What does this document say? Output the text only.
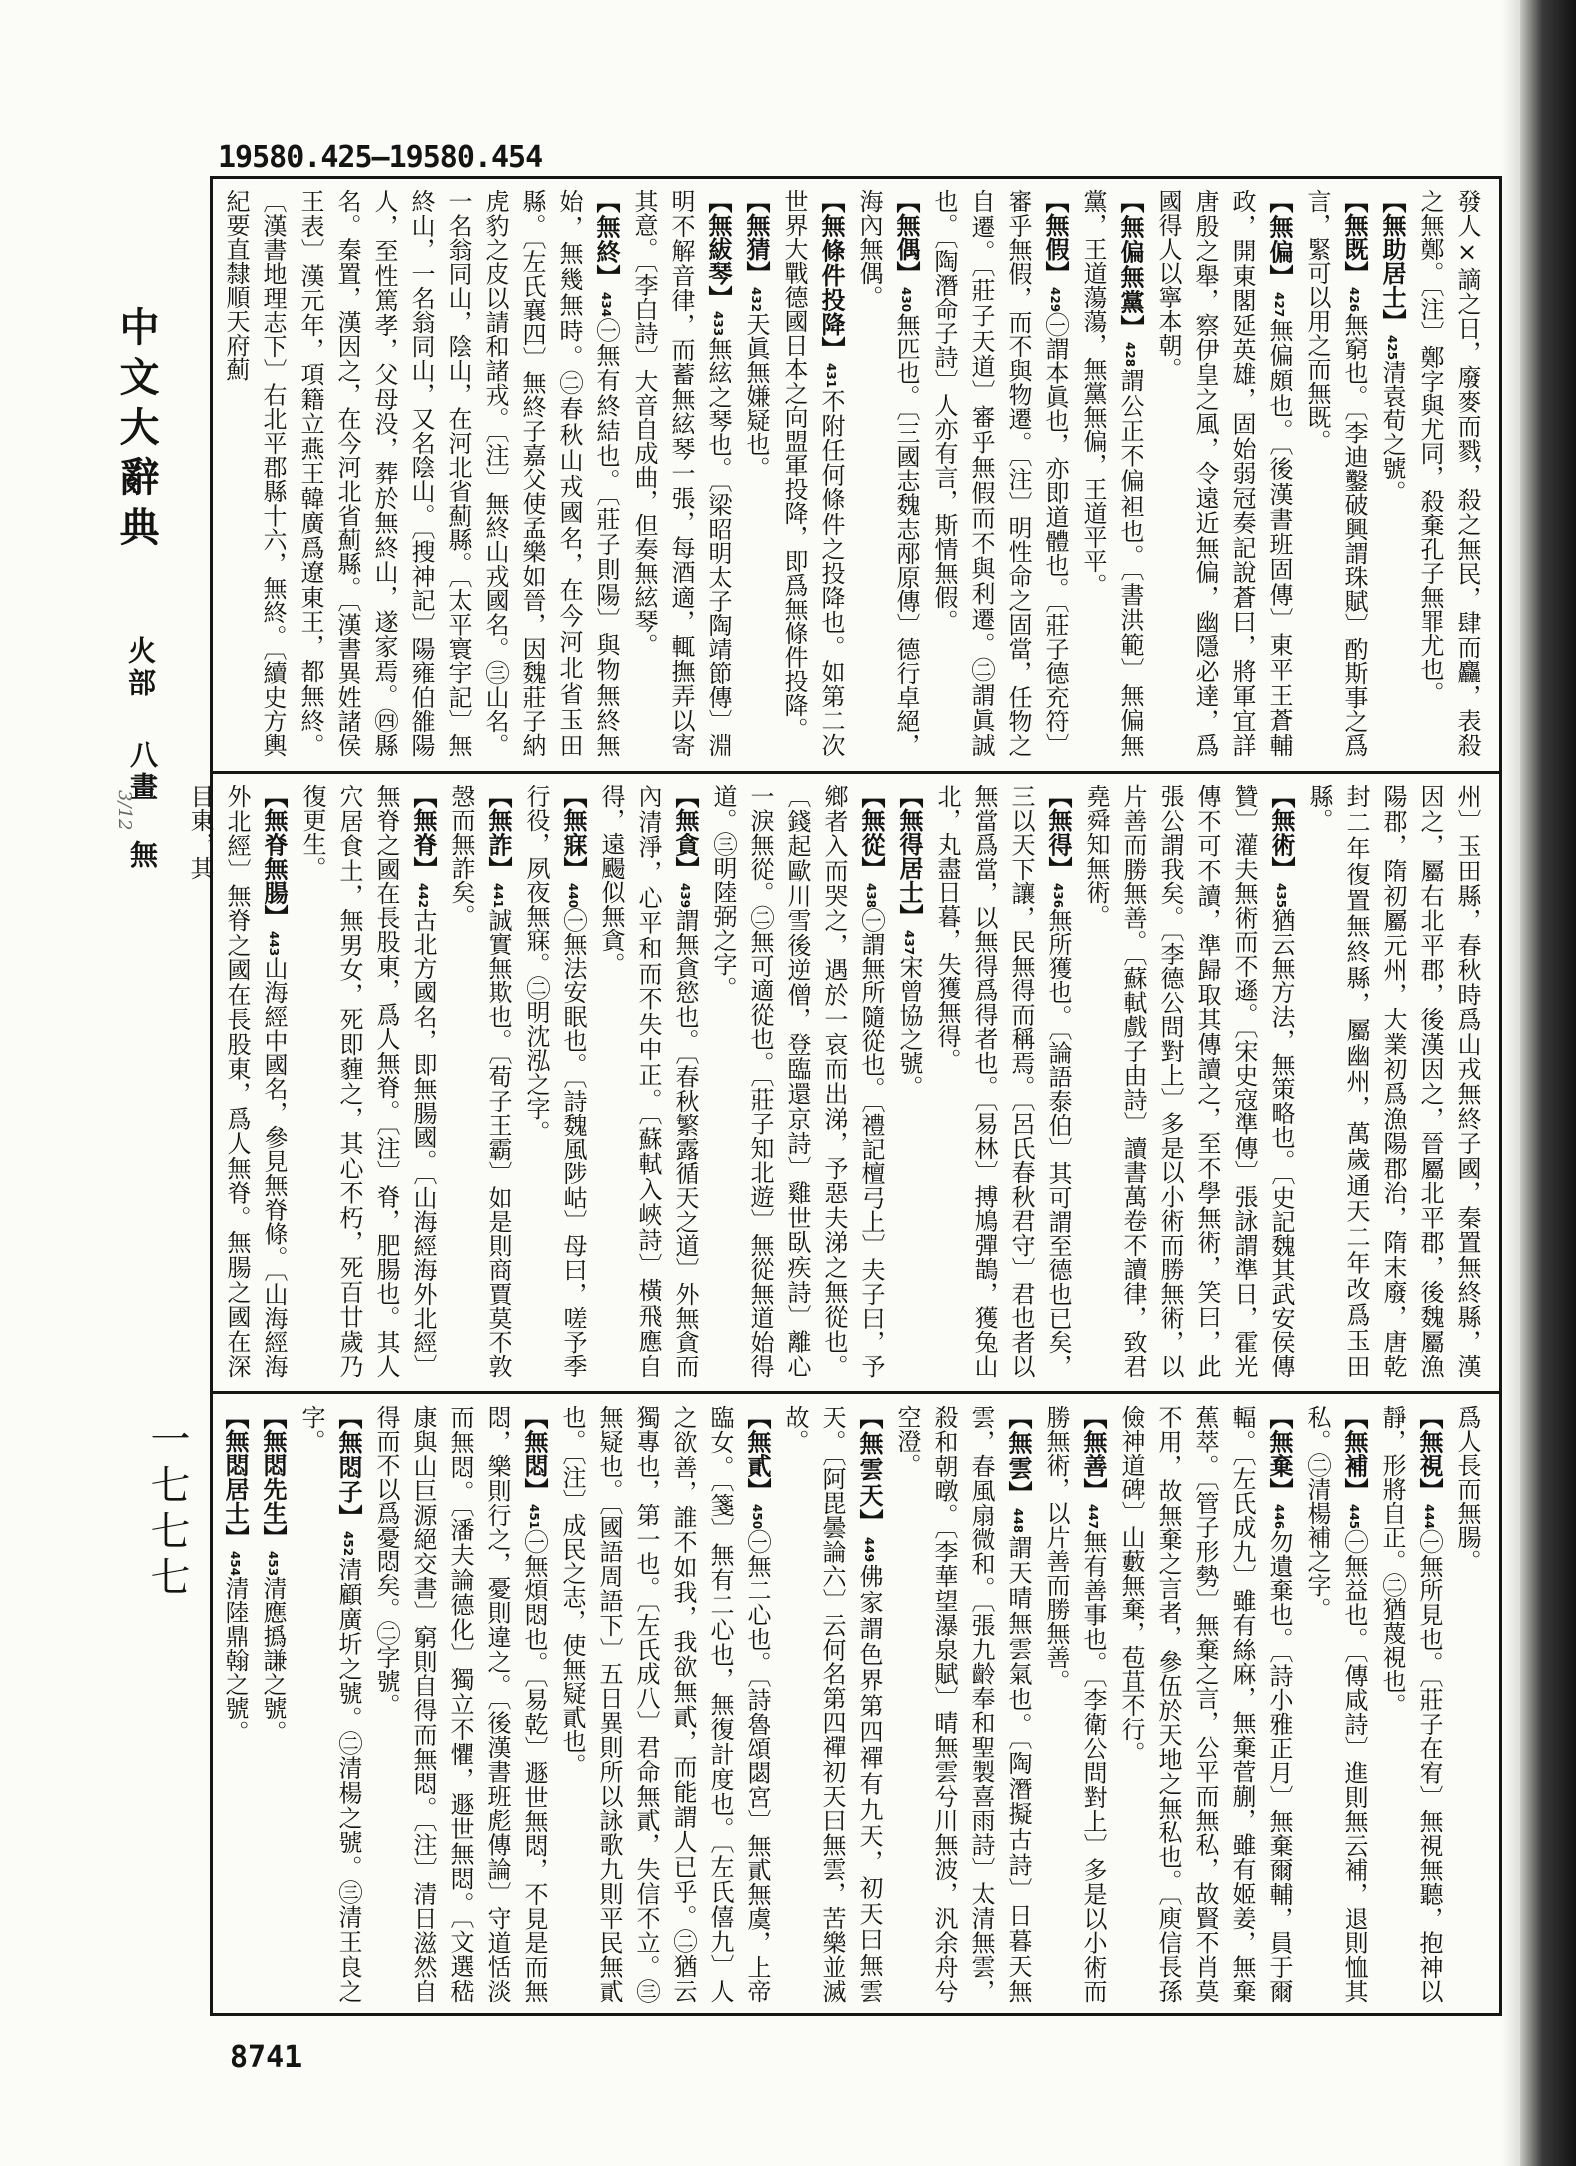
19580.425—19580.454
中文大辭典
火部
八畫
無
3/12
一七七七
發人×謫之日，廢麥而戮，殺之無民，肆而麤，表殺之無鄭。〔注〕鄭字與尤同，殺棄孔子無罪尤也。
【無助居士】425清袁荀之號。
【無既】426無窮也。〔李迪鑿破興謂珠賦〕酌斯事之爲言，緊可以用之而無既。
【無偏】427無偏頗也。〔後漢書班固傳〕東平王蒼輔政，開東閣延英雄，固始弱冠奏記說蒼曰，將軍宜詳唐殷之舉，察伊皇之風，令遠近無偏，幽隱必達，爲國得人以寧本朝。
【無偏無黨】428謂公正不偏袒也。〔書洪範〕無偏無黨，王道蕩蕩，無黨無偏，王道平平。
【無假】429㊀謂本眞也，亦即道體也。〔莊子德充符〕審乎無假，而不與物遷。〔注〕明性命之固當，任物之自遷。〔莊子天道〕審乎無假而不與利遷。㊁謂眞誠也。〔陶潛命子詩〕人亦有言，斯情無假。
【無偶】430無匹也。〔三國志魏志邴原傳〕德行卓絕，海內無偶。
【無條件投降】431不附任何條件之投降也。如第二次世界大戰德國日本之向盟軍投降，即爲無條件投降。
【無猜】432天眞無嫌疑也。
【無紱琴】433無絃之琴也。〔梁昭明太子陶靖節傳〕淵明不解音律，而蓄無絃琴一張，每酒適，輒撫弄以寄其意。〔李白詩〕大音自成曲，但奏無絃琴。
【無終】434㊀無有終結也。〔莊子則陽〕與物無終無始，無幾無時。㊁春秋山戎國名，在今河北省玉田縣。〔左氏襄四〕無終子嘉父使孟樂如晉，因魏莊子納虎豹之皮以請和諸戎。〔注〕無終山戎國名。㊂山名。一名翁同山，陰山，在河北省薊縣。〔太平寰宇記〕無終山，一名翁同山，又名陰山。〔搜神記〕陽雍伯雒陽人，至性篤孝，父母没，葬於無終山，遂家焉。㊃縣名。秦置，漢因之，在今河北省薊縣。〔漢書異姓諸侯王表〕漢元年，項籍立燕王韓廣爲遼東王，都無終。〔漢書地理志下〕右北平郡縣十六，無終。〔續史方輿紀要直隸順天府薊
州〕玉田縣，春秋時爲山戎無終子國，秦置無終縣，漢因之，屬右北平郡，後漢因之，晉屬北平郡，後魏屬漁陽郡，隋初屬元州，大業初爲漁陽郡治，隋末廢，唐乾封二年復置無終縣，屬幽州，萬歲通天二年改爲玉田縣。
【無術】435猶云無方法，無策略也。〔史記魏其武安侯傳贊〕灌夫無術而不遜。〔宋史寇準傳〕張詠謂準日，霍光傳不可不讀，準歸取其傳讀之，至不學無術，笑曰，此張公謂我矣。〔李德公問對上〕多是以小術而勝無術，以片善而勝無善。〔蘇軾戲子由詩〕讀書萬卷不讀律，致君堯舜知無術。
【無得】436無所獲也。〔論語泰伯〕其可謂至德也已矣，三以天下讓，民無得而稱焉。〔呂氏春秋君守〕君也者以無當爲當，以無得爲得者也。〔易林〕搏鳩彈鵲，獲兔山北，丸盡日暮，失獲無得。
【無得居士】437宋曾協之號。
【無從】438㊀謂無所隨從也。〔禮記檀弓上〕夫子曰，予鄉者入而哭之，遇於一哀而出涕，予惡夫涕之無從也。〔錢起歐川雪後逆僧，登臨還京詩〕雞世臥疾詩〕離心一淚無從。㊁無可適從也。〔莊子知北遊〕無從無道始得道。㊂明陸弼之字。
【無貪】439謂無貪慾也。〔春秋繁露循天之道〕外無貪而內清淨，心平和而不失中正。〔蘇軾入峽詩〕橫飛應自得，遠颺似無貪。
【無寐】440㊀無法安眠也。〔詩魏風陟岵〕母曰，嗟予季行役，夙夜無寐。㊁明沈泓之字。
【無詐】441誠實無欺也。〔荀子王霸〕如是則商賈莫不敦愨而無詐矣。
【無脊】442古北方國名，即無腸國。〔山海經海外北經〕無脊之國在長股東，爲人無脊。〔注〕脊，肥腸也。其人穴居食土，無男女，死即薶之，其心不朽，死百廿歲乃復更生。
【無脊無腸】443山海經中國名，參見無脊條。〔山海經海外北經〕無脊之國在長股東，爲人無脊。無腸之國在深目東，其
爲人長而無腸。
【無視】444㊀無所見也。〔莊子在宥〕無視無聽，抱神以靜，形將自正。㊁猶蔑視也。
【無補】445㊀無益也。〔傳咸詩〕進則無云補，退則恤其私。㊁清楊補之字。
【無棄】446勿遺棄也。〔詩小雅正月〕無棄爾輔，員于爾輻。〔左氏成九〕雖有絲麻，無棄菅蒯，雖有姬姜，無棄蕉萃。〔管子形勢〕無棄之言，公平而無私，故賢不肖莫不用，故無棄之言者，參伍於天地之無私也。〔庾信長孫儉神道碑〕山藪無棄，苞苴不行。
【無善】447無有善事也。〔李衛公問對上〕多是以小術而勝無術，以片善而勝無善。
【無雲】448謂天晴無雲氣也。〔陶潛擬古詩〕日暮天無雲，春風扇微和。〔張九齡奉和聖製喜雨詩〕太清無雲，殺和朝暾。〔李華望瀑泉賦〕晴無雲兮川無波，汎余舟兮空澄。
【無雲天】449佛家謂色界第四禪有九天，初天曰無雲天。〔阿毘曇論六〕云何名第四禪初天曰無雲，苦樂並滅故。
【無貳】450㊀無二心也。〔詩魯頌閟宮〕無貳無虞，上帝臨女。〔箋〕無有二心也，無復計度也。〔左氏僖九〕人之欲善，誰不如我，我欲無貳，而能謂人已乎。㊁猶云獨專也，第一也。〔左氏成八〕君命無貳，失信不立。㊂無疑也。〔國語周語下〕五日異則所以詠歌九則平民無貳也。〔注〕成民之志，使無疑貳也。
【無悶】451㊀無煩悶也。〔易乾〕遯世無悶，不見是而無悶，樂則行之，憂則違之。〔後漢書班彪傳論〕守道恬淡而無悶。〔潘夫論德化〕獨立不懼，遯世無悶。〔文選嵇康與山巨源絕交書〕窮則自得而無悶。〔注〕清日滋然自得而不以爲憂悶矣。㊁字號。
【無悶子】452清顧廣圻之號。㊁清楊之號。㊂清王良之字。
【無悶先生】453清應撝謙之號。
【無悶居士】454清陸鼎翰之號。
8741
